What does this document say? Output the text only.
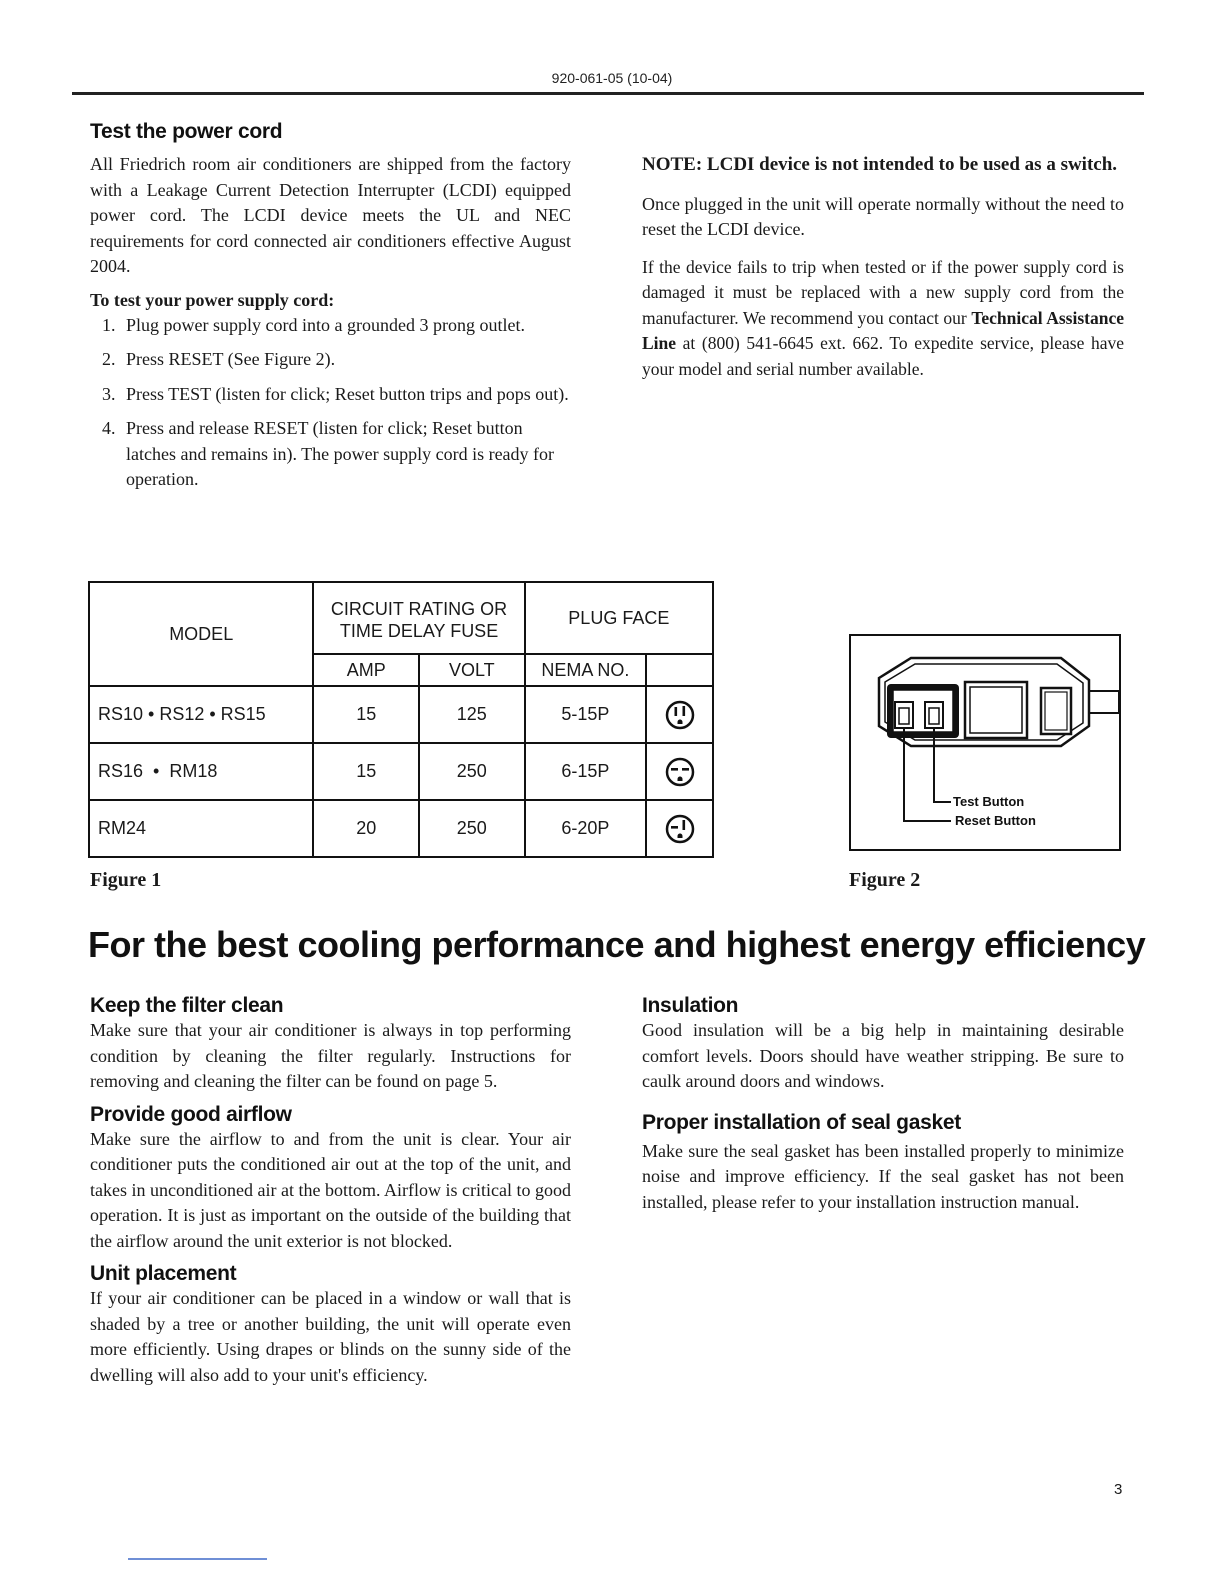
920-061-05 (10-04)
Test the power cord
All Friedrich room air conditioners are shipped from the factory with a Leakage Current Detection Interrupter (LCDI) equipped power cord. The LCDI device meets the UL and NEC requirements for cord connected air conditioners effective August 2004.
To test your power supply cord:
1. Plug power supply cord into a grounded 3 prong outlet.
2. Press RESET (See Figure 2).
3. Press TEST (listen for click; Reset button trips and pops out).
4. Press and release RESET (listen for click; Reset button latches and remains in). The power supply cord is ready for operation.
NOTE: LCDI device is not intended to be used as a switch.
Once plugged in the unit will operate normally without the need to reset the LCDI device.
If the device fails to trip when tested or if the power supply cord is damaged it must be replaced with a new supply cord from the manufacturer. We recommend you contact our Technical Assistance Line at (800) 541-6645 ext. 662. To expedite service, please have your model and serial number available.
MODEL	CIRCUIT RATING OR TIME DELAY FUSE		PLUG FACE	
	AMP	VOLT	NEMA NO.	
RS10 • RS12 • RS15	15	125	5-15P	
RS16  •  RM18	15	250	6-15P	
RM24	20	250	6-20P	
Figure 1
Test Button
Reset Button
Figure 2
For the best cooling performance and highest energy efficiency
Keep the filter clean
Make sure that your air conditioner is always in top performing condition by cleaning the filter regularly. Instructions for removing and cleaning the filter can be found on page 5.
Provide good airflow
Make sure the airflow to and from the unit is clear. Your air conditioner puts the conditioned air out at the top of the unit, and takes in unconditioned air at the bottom. Airflow is critical to good operation. It is just as important on the outside of the building that the airflow around the unit exterior is not blocked.
Unit placement
If your air conditioner can be placed in a window or wall that is shaded by a tree or another building, the unit will operate even more efficiently. Using drapes or blinds on the sunny side of the dwelling will also add to your unit's efficiency.
Insulation
Good insulation will be a big help in maintaining desirable comfort levels. Doors should have weather stripping. Be sure to caulk around doors and windows.
Proper installation of seal gasket
Make sure the seal gasket has been installed properly to minimize noise and improve efficiency. If the seal gasket has not been installed, please refer to your installation instruction manual.
3
